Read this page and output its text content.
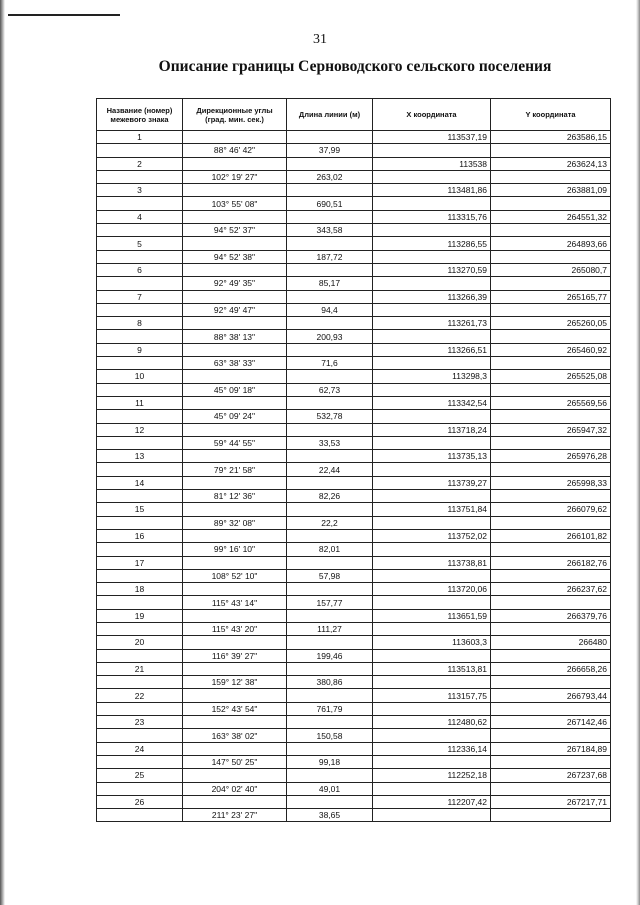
31
Описание границы Серноводского сельского поселения
Название (номер) межевого знака	Дирекционные углы (град. мин. сек.)	Длина линии (м)	X координата	Y координата
1			113537,19	263586,15
	88° 46' 42"	37,99		
2			113538	263624,13
	102° 19' 27"	263,02		
3			113481,86	263881,09
	103° 55' 08"	690,51		
4			113315,76	264551,32
	94° 52' 37"	343,58		
5			113286,55	264893,66
	94° 52' 38"	187,72		
6			113270,59	265080,7
	92° 49' 35"	85,17		
7			113266,39	265165,77
	92° 49' 47"	94,4		
8			113261,73	265260,05
	88° 38' 13"	200,93		
9			113266,51	265460,92
	63° 38' 33"	71,6		
10			113298,3	265525,08
	45° 09' 18"	62,73		
11			113342,54	265569,56
	45° 09' 24"	532,78		
12			113718,24	265947,32
	59° 44' 55"	33,53		
13			113735,13	265976,28
	79° 21' 58"	22,44		
14			113739,27	265998,33
	81° 12' 36"	82,26		
15			113751,84	266079,62
	89° 32' 08"	22,2		
16			113752,02	266101,82
	99° 16' 10"	82,01		
17			113738,81	266182,76
	108° 52' 10"	57,98		
18			113720,06	266237,62
	115° 43' 14"	157,77		
19			113651,59	266379,76
	115° 43' 20"	111,27		
20			113603,3	266480
	116° 39' 27"	199,46		
21			113513,81	266658,26
	159° 12' 38"	380,86		
22			113157,75	266793,44
	152° 43' 54"	761,79		
23			112480,62	267142,46
	163° 38' 02"	150,58		
24			112336,14	267184,89
	147° 50' 25"	99,18		
25			112252,18	267237,68
	204° 02' 40"	49,01		
26			112207,42	267217,71
	211° 23' 27"	38,65		
